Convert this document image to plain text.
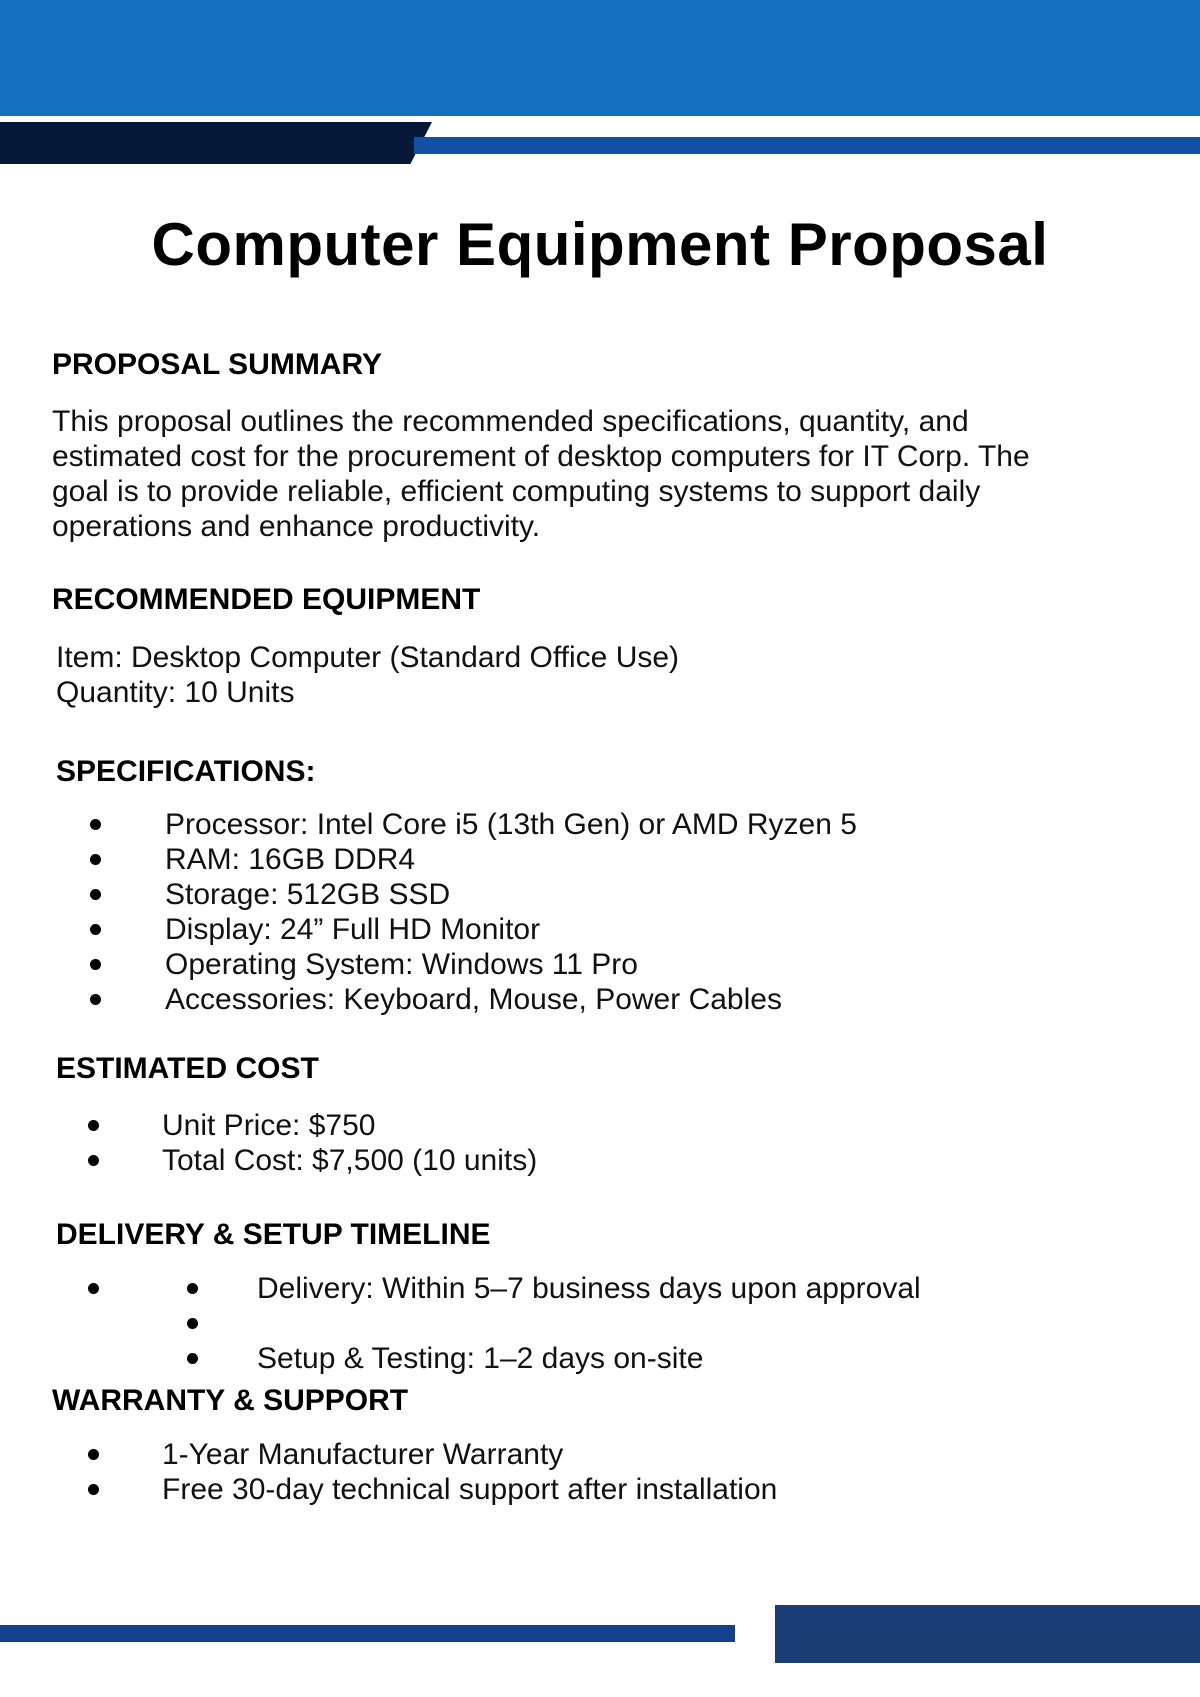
Computer Equipment Proposal
PROPOSAL SUMMARY
This proposal outlines the recommended specifications, quantity, and
estimated cost for the procurement of desktop computers for IT Corp. The
goal is to provide reliable, efficient computing systems to support daily
operations and enhance productivity.
RECOMMENDED EQUIPMENT
Item: Desktop Computer (Standard Office Use)
Quantity: 10 Units
SPECIFICATIONS:
Processor: Intel Core i5 (13th Gen) or AMD Ryzen 5
RAM: 16GB DDR4
Storage: 512GB SSD
Display: 24” Full HD Monitor
Operating System: Windows 11 Pro
Accessories: Keyboard, Mouse, Power Cables
ESTIMATED COST
Unit Price: $750
Total Cost: $7,500 (10 units)
DELIVERY & SETUP TIMELINE
Delivery: Within 5–7 business days upon approval
Setup & Testing: 1–2 days on-site
WARRANTY & SUPPORT
1-Year Manufacturer Warranty
Free 30-day technical support after installation
